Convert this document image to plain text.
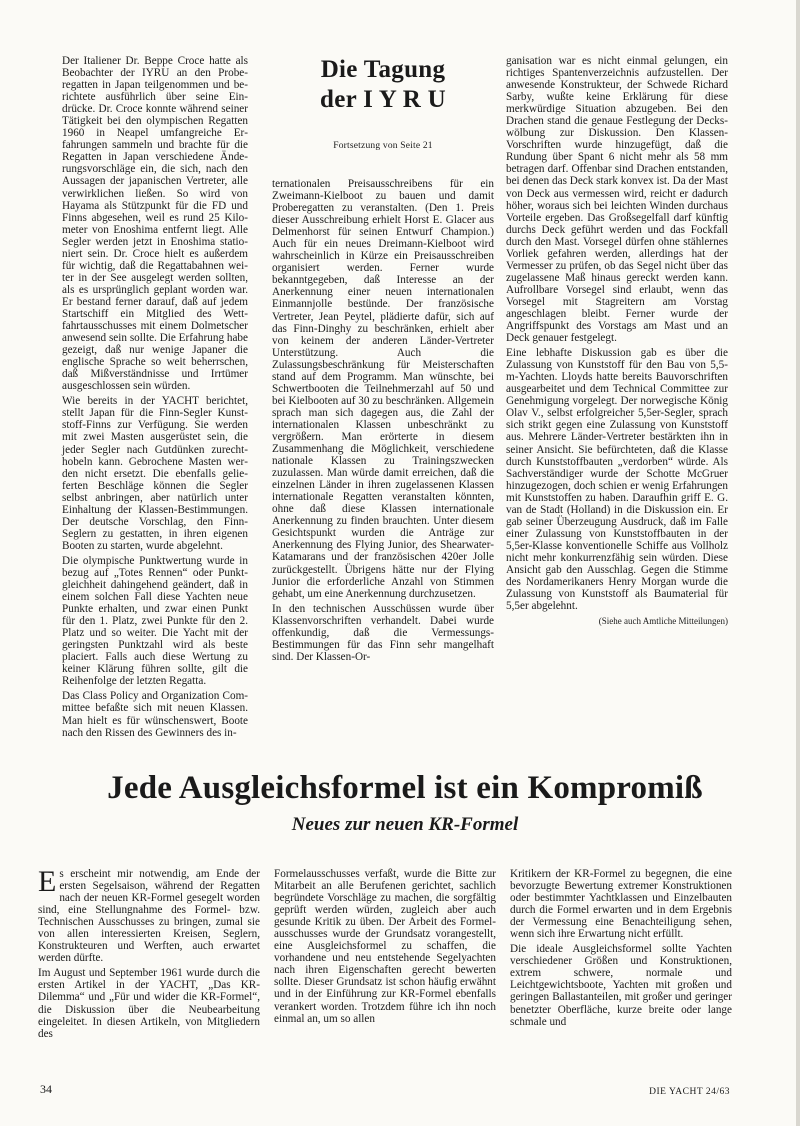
Die Tagung
der I Y R U
Fortsetzung von Seite 21

Der Italiener Dr. Beppe Croce hatte als Beobachter der IYRU an den Proberegatten in Japan teilgenommen und berichtete ausführlich über seine Eindrücke. Dr. Croce konnte während seiner Tätigkeit bei den olympischen Regatten 1960 in Neapel umfangreiche Erfahrungen sammeln und brachte für die Regatten in Japan verschiedene Änderungsvorschläge ein, die sich, nach den Aussagen der japanischen Vertreter, alle verwirklichen ließen. So wird von Hayama als Stützpunkt für die FD und Finns abgesehen, weil es rund 25 Kilometer von Enoshima entfernt liegt. Alle Segler werden jetzt in Enoshima stationiert sein. Dr. Croce hielt es außerdem für wichtig, daß die Regattabahnen weiter in der See ausgelegt werden sollten, als es ursprünglich geplant worden war. Er bestand ferner darauf, daß auf jedem Startschiff ein Mitglied des Wettfahrtausschusses mit einem Dolmetscher anwesend sein sollte. Die Erfahrung habe gezeigt, daß nur wenige Japaner die englische Sprache so weit beherrschen, daß Mißverständnisse und Irrtümer ausgeschlossen sein würden.

Wie bereits in der YACHT berichtet, stellt Japan für die Finn-Segler Kunststoff-Finns zur Verfügung. Sie werden mit zwei Masten ausgerüstet sein, die jeder Segler nach Gutdünken zurechthobeln kann. Gebrochene Masten werden nicht ersetzt. Die ebenfalls gelieferten Beschläge können die Segler selbst anbringen, aber natürlich unter Einhaltung der Klassen-Bestimmungen. Der deutsche Vorschlag, den Finn-Seglern zu gestatten, in ihren eigenen Booten zu starten, wurde abgelehnt.

Die olympische Punktwertung wurde in bezug auf „Totes Rennen“ oder Punktgleichheit dahingehend geändert, daß in einem solchen Fall diese Yachten neue Punkte erhalten, und zwar einen Punkt für den 1. Platz, zwei Punkte für den 2. Platz und so weiter. Die Yacht mit der geringsten Punktzahl wird als beste placiert. Falls auch diese Wertung zu keiner Klärung führen sollte, gilt die Reihenfolge der letzten Regatta.

Das Class Policy and Organization Committee befaßte sich mit neuen Klassen. Man hielt es für wünschenswert, Boote nach den Rissen des Gewinners des in-

ternationalen Preisausschreibens für ein Zweimann-Kielboot zu bauen und damit Proberegatten zu veranstalten. (Den 1. Preis dieser Ausschreibung erhielt Horst E. Glacer aus Delmenhorst für seinen Entwurf Champion.) Auch für ein neues Dreimann-Kielboot wird wahrscheinlich in Kürze ein Preisausschreiben organisiert werden. Ferner wurde bekanntgegeben, daß Interesse an der Anerkennung einer neuen internationalen Einmannjolle bestünde. Der französische Vertreter, Jean Peytel, plädierte dafür, sich auf das Finn-Dinghy zu beschränken, erhielt aber von keinem der anderen Länder-Vertreter Unterstützung. Auch die Zulassungsbeschränkung für Meisterschaften stand auf dem Programm. Man wünschte, bei Schwertbooten die Teilnehmerzahl auf 50 und bei Kielbooten auf 30 zu beschränken. Allgemein sprach man sich dagegen aus, die Zahl der internationalen Klassen unbeschränkt zu vergrößern. Man erörterte in diesem Zusammenhang die Möglichkeit, verschiedene nationale Klassen zu Trainingszwecken zuzulassen. Man würde damit erreichen, daß die einzelnen Länder in ihren zugelassenen Klassen internationale Regatten veranstalten könnten, ohne daß diese Klassen internationale Anerkennung zu finden brauchten. Unter diesem Gesichtspunkt wurden die Anträge zur Anerkennung des Flying Junior, des Shearwater-Katamarans und der französischen 420er Jolle zurückgestellt. Übrigens hätte nur der Flying Junior die erforderliche Anzahl von Stimmen gehabt, um eine Anerkennung durchzusetzen.

In den technischen Ausschüssen wurde über Klassenvorschriften verhandelt. Dabei wurde offenkundig, daß die Vermessungs-Bestimmungen für das Finn sehr mangelhaft sind. Der Klassen-Or-

ganisation war es nicht einmal gelungen, ein richtiges Spantenverzeichnis aufzustellen. Der anwesende Konstrukteur, der Schwede Richard Sarby, wußte keine Erklärung für diese merkwürdige Situation abzugeben. Bei den Drachen stand die genaue Festlegung der Deckswölbung zur Diskussion. Den KlassenVorschriften wurde hinzugefügt, daß die Rundung über Spant 6 nicht mehr als 58 mm betragen darf. Offenbar sind Drachen entstanden, bei denen das Deck stark konvex ist. Da der Mast von Deck aus vermessen wird, reicht er dadurch höher, woraus sich bei leichten Winden durchaus Vorteile ergeben. Das Großsegelfall darf künftig durchs Deck geführt werden und das Fockfall durch den Mast. Vorsegel dürfen ohne stählernes Vorliek gefahren werden, allerdings hat der Vermesser zu prüfen, ob das Segel nicht über das zugelassene Maß hinaus gereckt werden kann. Aufrollbare Vorsegel sind erlaubt, wenn das Vorsegel mit Stagreitern am Vorstag angeschlagen bleibt. Ferner wurde der Angriffspunkt des Vorstags am Mast und an Deck genauer festgelegt.

Eine lebhafte Diskussion gab es über die Zulassung von Kunststoff für den Bau von 5,5-m-Yachten. Lloyds hatte bereits Bauvorschriften ausgearbeitet und dem Technical Committee zur Genehmigung vorgelegt. Der norwegische König Olav V., selbst erfolgreicher 5,5er-Segler, sprach sich strikt gegen eine Zulassung von Kunststoff aus. Mehrere Länder-Vertreter bestärkten ihn in seiner Ansicht. Sie befürchteten, daß die Klasse durch Kunststoffbauten „verdorben“ würde. Als Sachverständiger wurde der Schotte McGruer hinzugezogen, doch schien er wenig Erfahrungen mit Kunststoffen zu haben. Daraufhin griff E. G. van de Stadt (Holland) in die Diskussion ein. Er gab seiner Überzeugung Ausdruck, daß im Falle einer Zulassung von Kunststoffbauten in der 5,5er-Klasse konventionelle Schiffe aus Vollholz nicht mehr konkurrenzfähig sein würden. Diese Ansicht gab den Ausschlag. Gegen die Stimme des Nordamerikaners Henry Morgan wurde die Zulassung von Kunststoff als Baumaterial für 5,5er abgelehnt.

(Siehe auch Amtliche Mitteilungen)
Jede Ausgleichsformel ist ein Kompromiß
Neues zur neuen KR-Formel

Es erscheint mir notwendig, am Ende der ersten Segelsaison, während der Regatten nach der neuen KR-Formel gesegelt worden sind, eine Stellungnahme des Formel- bzw. Technischen Ausschusses zu bringen, zumal sie von allen interessierten Kreisen, Seglern, Konstrukteuren und Werften, auch erwartet werden dürfte.

Im August und September 1961 wurde durch die ersten Artikel in der YACHT, „Das KR-Dilemma“ und „Für und wider die KR-Formel“, die Diskussion über die Neubearbeitung eingeleitet. In diesen Artikeln, von Mitgliedern des

Formelausschusses verfaßt, wurde die Bitte zur Mitarbeit an alle Berufenen gerichtet, sachlich begründete Vorschläge zu machen, die sorgfältig geprüft werden würden, zugleich aber auch gesunde Kritik zu üben. Der Arbeit des Formelausschusses wurde der Grundsatz vorangestellt, eine Ausgleichsformel zu schaffen, die vorhandene und neu entstehende Segelyachten nach ihren Eigenschaften gerecht bewerten sollte. Dieser Grundsatz ist schon häufig erwähnt und in der Einführung zur KR-Formel ebenfalls verankert worden. Trotzdem führe ich ihn noch einmal an, um so allen

Kritikern der KR-Formel zu begegnen, die eine bevorzugte Bewertung extremer Konstruktionen oder bestimmter Yachtklassen und Einzelbauten durch die Formel erwarten und in dem Ergebnis der Vermessung eine Benachteiligung sehen, wenn sich ihre Erwartung nicht erfüllt.

Die ideale Ausgleichsformel sollte Yachten verschiedener Größen und Konstruktionen, extrem schwere, normale und Leichtgewichtsboote, Yachten mit großen und geringen Ballastanteilen, mit großer und geringer benetzter Oberfläche, kurze breite oder lange schmale und

34	DIE YACHT 24/63
